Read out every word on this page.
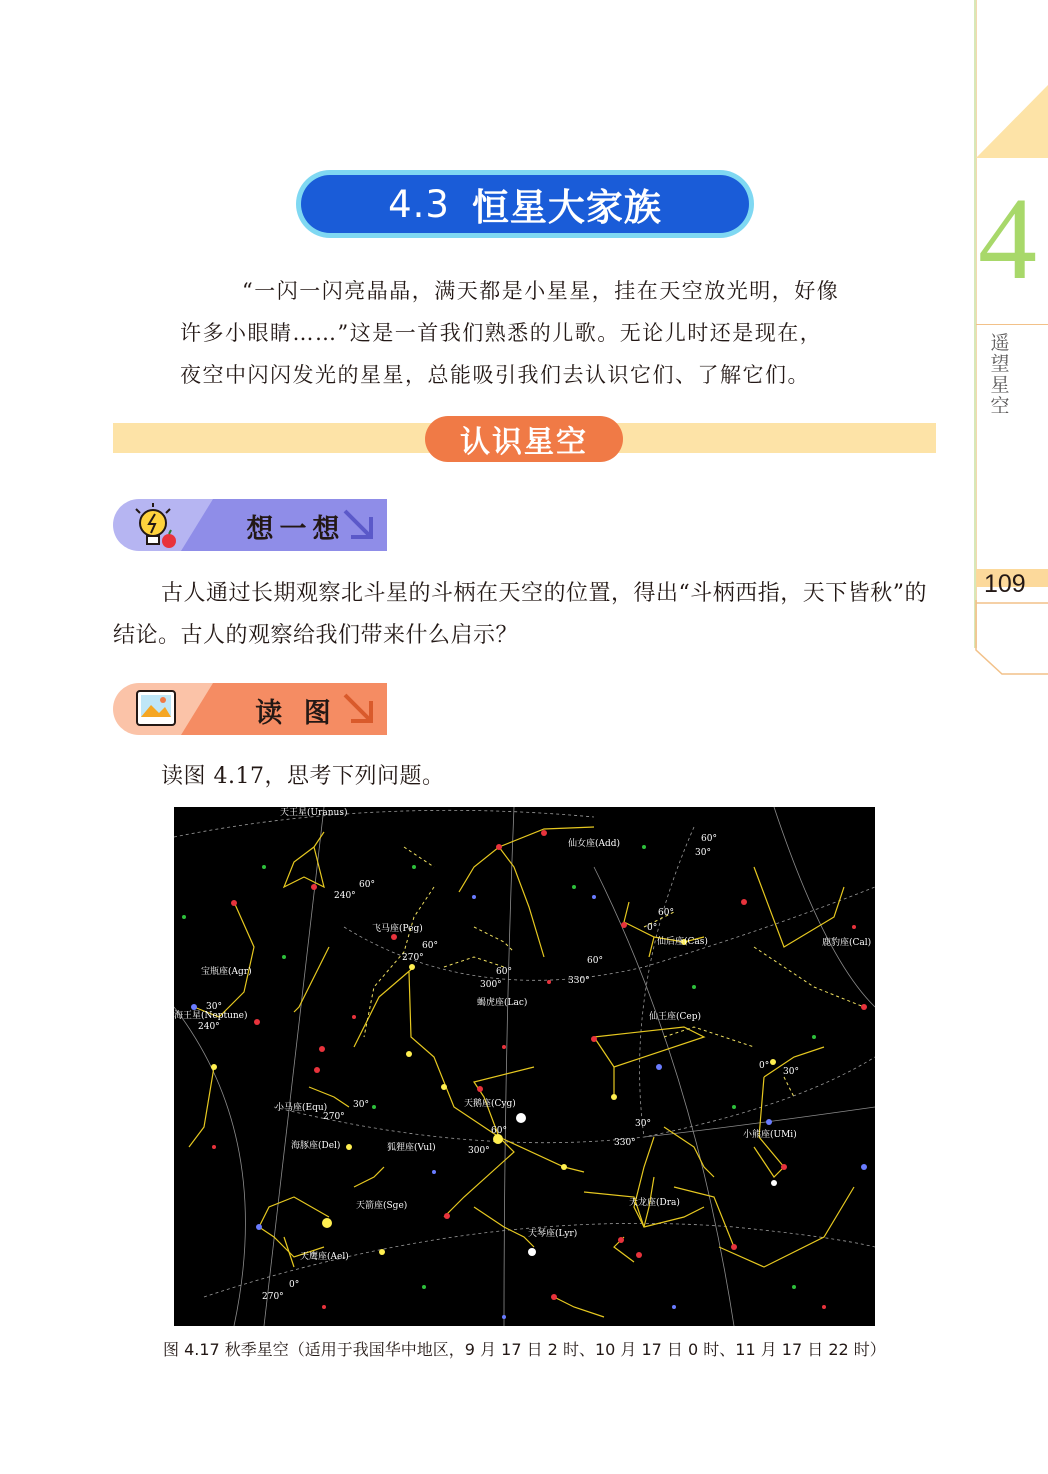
4
遥望星空
109
4.3 恒星大家族

“一闪一闪亮晶晶，满天都是小星星，挂在天空放光明，好像

许多小眼睛……”这是一首我们熟悉的儿歌。无论儿时还是现在，

夜空中闪闪发光的星星，总能吸引我们去认识它们、了解它们。

认识星空
想一想

古人通过长期观察北斗星的斗柄在天空的位置，得出“斗柄西指，天下皆秋”的结论。古人的观察给我们带来什么启示？

读 图

读图 4.17，思考下列问题。

天王星(Uranus)
仙女座(Add)
飞马座(Peg)
仙后座(Cas)	鹿豹座(Cal)
宝瓶座(Agr)
海王星(Neptune)
蝎虎座(Lac)
仙王座(Cep)
小马座(Equ)	天鹅座(Cyg)
小熊座(UMi)
海豚座(Del)	狐狸座(Vul)
天龙座(Dra)
天箭座(Sge)
天琴座(Lyr)
天鹰座(Ael)
60°
240°
60°
30°
60°
270°
60°
300°
60°
330°
60°
0°
30°
240°
0°
30°
30°
270°
60°
300°
30°
330°
0°
270°
图 4.17 秋季星空（适用于我国华中地区，9 月 17 日 2 时、10 月 17 日 0 时、11 月 17 日 22 时）
